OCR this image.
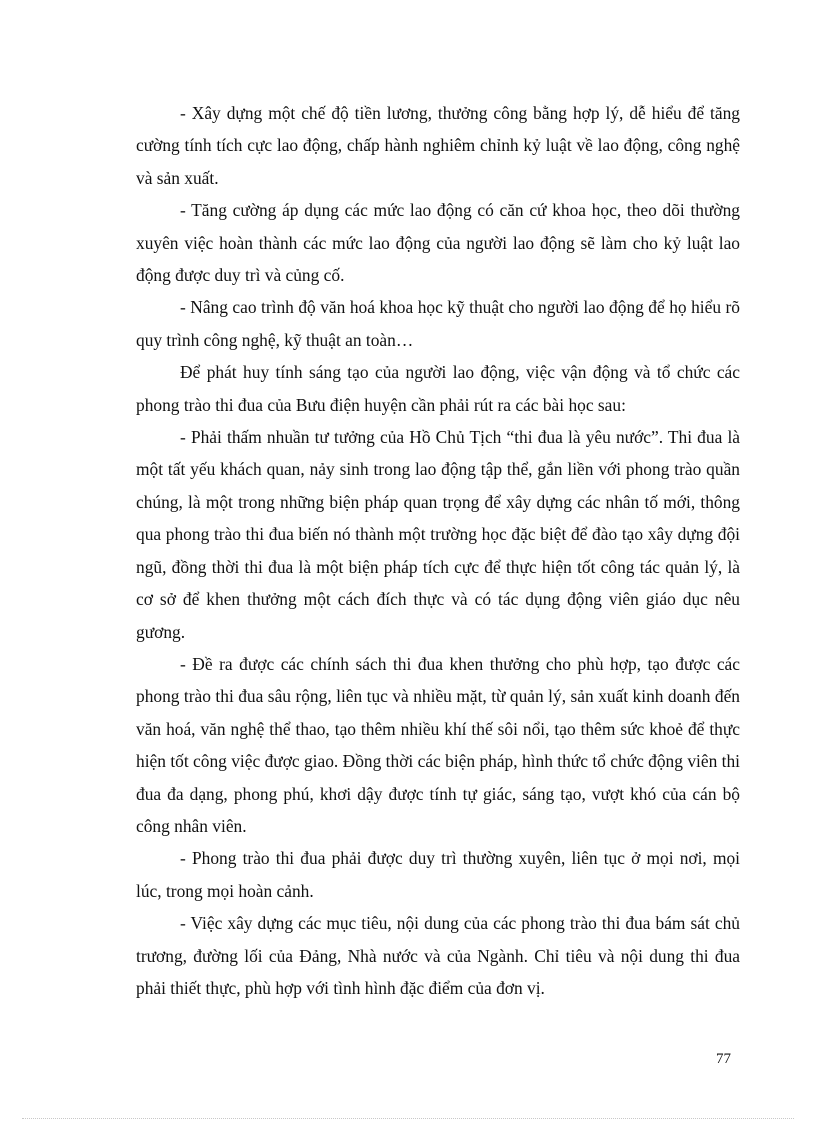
- Xây dựng một chế độ tiền lương, thưởng công bằng hợp lý, dễ hiểu để tăng cường tính tích cực lao động, chấp hành nghiêm chỉnh kỷ luật về lao động, công nghệ và sản xuất.

- Tăng cường áp dụng các mức lao động có căn cứ khoa học, theo dõi thường xuyên việc hoàn thành các mức lao động của người lao động sẽ làm cho kỷ luật lao động được duy trì và củng cố.

- Nâng cao trình độ văn hoá khoa học kỹ thuật cho người lao động để họ hiểu rõ quy trình công nghệ, kỹ thuật an toàn…

Để phát huy tính sáng tạo của người lao động, việc vận động và tổ chức các phong trào thi đua của Bưu điện huyện cần phải rút ra các bài học sau:

- Phải thấm nhuần tư tưởng của Hồ Chủ Tịch “thi đua là yêu nước”. Thi đua là một tất yếu khách quan, nảy sinh trong lao động tập thể, gắn liền với phong trào quần chúng, là một trong những biện pháp quan trọng để xây dựng các nhân tố mới, thông qua phong trào thi đua biến nó thành một trường học đặc biệt để đào tạo xây dựng đội ngũ, đồng thời thi đua là một biện pháp tích cực để thực hiện tốt công tác quản lý, là cơ sở để khen thưởng một cách đích thực và có tác dụng động viên giáo dục nêu gương.

- Đề ra được các chính sách thi đua khen thưởng cho phù hợp, tạo được các phong trào thi đua sâu rộng, liên tục và nhiều mặt, từ quản lý, sản xuất kinh doanh đến văn hoá, văn nghệ thể thao, tạo thêm nhiều khí thế sôi nổi, tạo thêm sức khoẻ để thực hiện tốt công việc được giao. Đồng thời các biện pháp, hình thức tổ chức động viên thi đua đa dạng, phong phú, khơi dậy được tính tự giác, sáng tạo, vượt khó của cán bộ công nhân viên.

- Phong trào thi đua phải được duy trì thường xuyên, liên tục ở mọi nơi, mọi lúc, trong mọi hoàn cảnh.

- Việc xây dựng các mục tiêu, nội dung của các phong trào thi đua bám sát chủ trương, đường lối của Đảng, Nhà nước và của Ngành. Chỉ tiêu và nội dung thi đua phải thiết thực, phù hợp với tình hình đặc điểm của đơn vị.

77
